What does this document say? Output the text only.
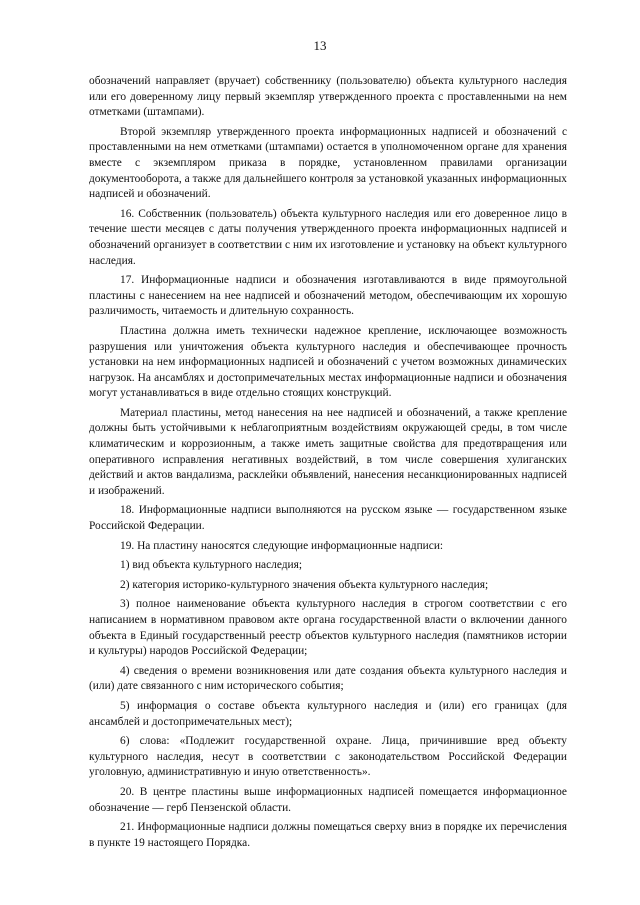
13

обозначений направляет (вручает) собственнику (пользователю) объекта культурного наследия или его доверенному лицу первый экземпляр утвержденного проекта с проставленными на нем отметками (штампами).

Второй экземпляр утвержденного проекта информационных надписей и обозначений с проставленными на нем отметками (штампами) остается в уполномоченном органе для хранения вместе с экземпляром приказа в порядке, установленном правилами организации документооборота, а также для дальнейшего контроля за установкой указанных информационных надписей и обозначений.

16. Собственник (пользователь) объекта культурного наследия или его доверенное лицо в течение шести месяцев с даты получения утвержденного проекта информационных надписей и обозначений организует в соответствии с ним их изготовление и установку на объект культурного наследия.

17. Информационные надписи и обозначения изготавливаются в виде прямоугольной пластины с нанесением на нее надписей и обозначений методом, обеспечивающим их хорошую различимость, читаемость и длительную сохранность.

Пластина должна иметь технически надежное крепление, исключающее возможность разрушения или уничтожения объекта культурного наследия и обеспечивающее прочность установки на нем информационных надписей и обозначений с учетом возможных динамических нагрузок. На ансамблях и достопримечательных местах информационные надписи и обозначения могут устанавливаться в виде отдельно стоящих конструкций.

Материал пластины, метод нанесения на нее надписей и обозначений, а также крепление должны быть устойчивыми к неблагоприятным воздействиям окружающей среды, в том числе климатическим и коррозионным, а также иметь защитные свойства для предотвращения или оперативного исправления негативных воздействий, в том числе совершения хулиганских действий и актов вандализма, расклейки объявлений, нанесения несанкционированных надписей и изображений.

18. Информационные надписи выполняются на русском языке — государственном языке Российской Федерации.

19. На пластину наносятся следующие информационные надписи:

1) вид объекта культурного наследия;

2) категория историко-культурного значения объекта культурного наследия;

3) полное наименование объекта культурного наследия в строгом соответствии с его написанием в нормативном правовом акте органа государственной власти о включении данного объекта в Единый государственный реестр объектов культурного наследия (памятников истории и культуры) народов Российской Федерации;

4) сведения о времени возникновения или дате создания объекта культурного наследия и (или) дате связанного с ним исторического события;

5) информация о составе объекта культурного наследия и (или) его границах (для ансамблей и достопримечательных мест);

6) слова: «Подлежит государственной охране. Лица, причинившие вред объекту культурного наследия, несут в соответствии с законодательством Российской Федерации уголовную, административную и иную ответственность».

20. В центре пластины выше информационных надписей помещается информационное обозначение — герб Пензенской области.

21. Информационные надписи должны помещаться сверху вниз в порядке их перечисления в пункте 19 настоящего Порядка.
